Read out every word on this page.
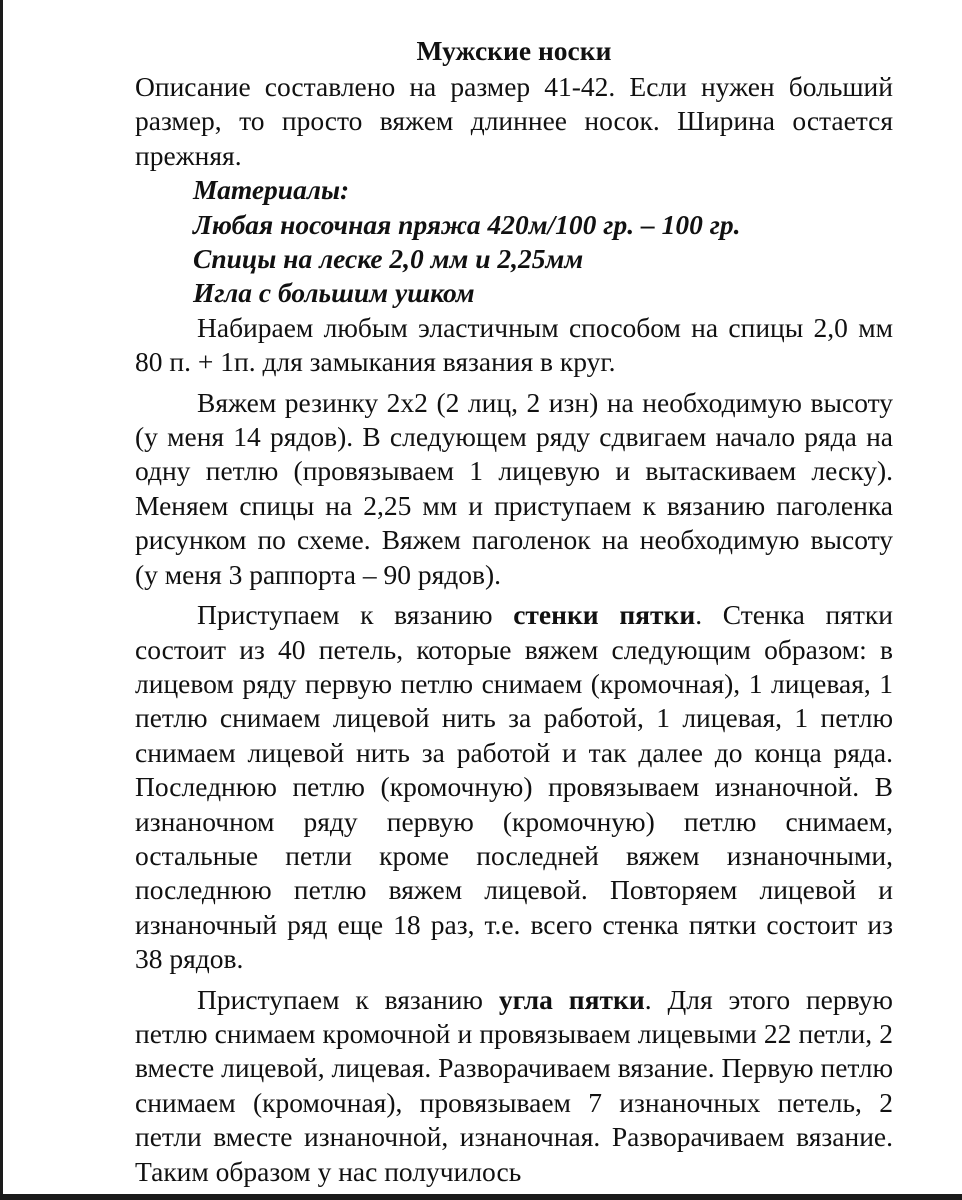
Мужские носки

Описание составлено на размер 41-42. Если нужен больший размер, то просто вяжем длиннее носок. Ширина остается прежняя.

Материалы:
Любая носочная пряжа 420м/100 гр. – 100 гр.
Спицы на леске 2,0 мм и 2,25мм
Игла с большим ушком

Набираем любым эластичным способом на спицы 2,0 мм 80 п. + 1п. для замыкания вязания в круг.

Вяжем резинку 2х2 (2 лиц, 2 изн) на необходимую высоту (у меня 14 рядов). В следующем ряду сдвигаем начало ряда на одну петлю (провязываем 1 лицевую и вытаскиваем леску). Меняем спицы на 2,25 мм и приступаем к вязанию паголенка рисунком по схеме. Вяжем паголенок на необходимую высоту (у меня 3 раппорта – 90 рядов).

Приступаем к вязанию стенки пятки. Стенка пятки состоит из 40 петель, которые вяжем следующим образом: в лицевом ряду первую петлю снимаем (кромочная), 1 лицевая, 1 петлю снимаем лицевой нить за работой, 1 лицевая, 1 петлю снимаем лицевой нить за работой и так далее до конца ряда. Последнюю петлю (кромочную) провязываем изнаночной. В изнаночном ряду первую (кромочную) петлю снимаем, остальные петли кроме последней вяжем изнаночными, последнюю петлю вяжем лицевой. Повторяем лицевой и изнаночный ряд еще 18 раз, т.е. всего стенка пятки состоит из 38 рядов.

Приступаем к вязанию угла пятки. Для этого первую петлю снимаем кромочной и провязываем лицевыми 22 петли, 2 вместе лицевой, лицевая. Разворачиваем вязание. Первую петлю снимаем (кромочная), провязываем 7 изнаночных петель, 2 петли вместе изнаночной, изнаночная. Разворачиваем вязание. Таким образом у нас получилось
